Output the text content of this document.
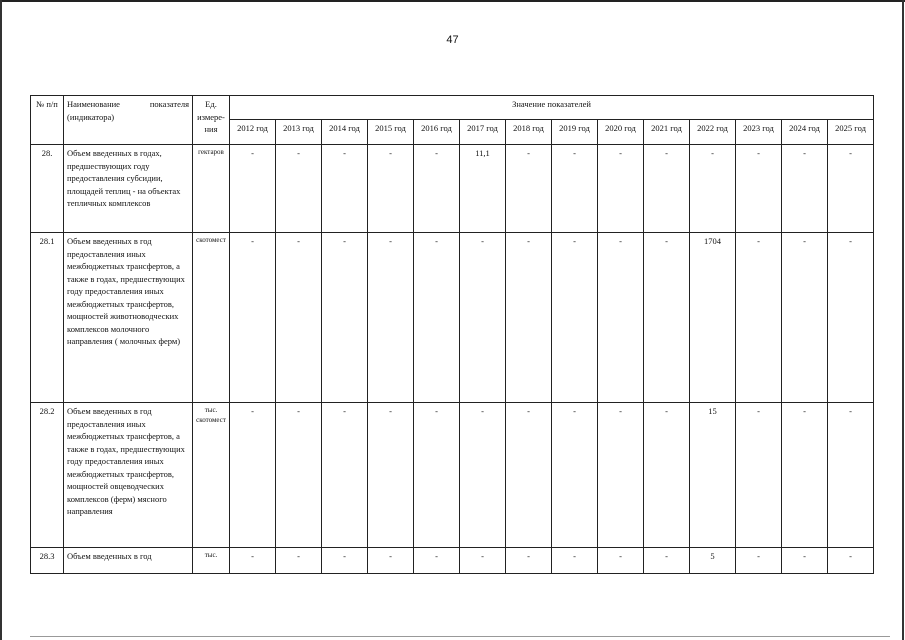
47
№ п/п	Наименование показателя (индикатора)	Ед. измере-ния	Значение показателей													
			2012 год	2013 год	2014 год	2015 год	2016 год	2017 год	2018 год	2019 год	2020 год	2021 год	2022 год	2023 год	2024 год	2025 год
28.	Объем введенных в годах, предшествующих году предоставления субсидии, площадей теплиц - на объектах тепличных комплексов	гектаров	-	-	-	-	-	11,1	-	-	-	-	-	-	-	-
28.1	Объем введенных в год предоставления иных межбюджетных трансфертов, а также в годах, предшествующих году предоставления иных межбюджетных трансфертов, мощностей животноводческих комплексов молочного направления ( молочных ферм)	скотомест	-	-	-	-	-	-	-	-	-	-	1704	-	-	-
28.2	Объем введенных в год предоставления иных межбюджетных трансфертов, а также в годах, предшествующих году предоставления иных межбюджетных трансфертов, мощностей овцеводческих комплексов (ферм) мясного направления	тыс. скотомест	-	-	-	-	-	-	-	-	-	-	15	-	-	-
28.3	Объем введенных в год	тыс.	-	-	-	-	-	-	-	-	-	-	5	-	-	-
